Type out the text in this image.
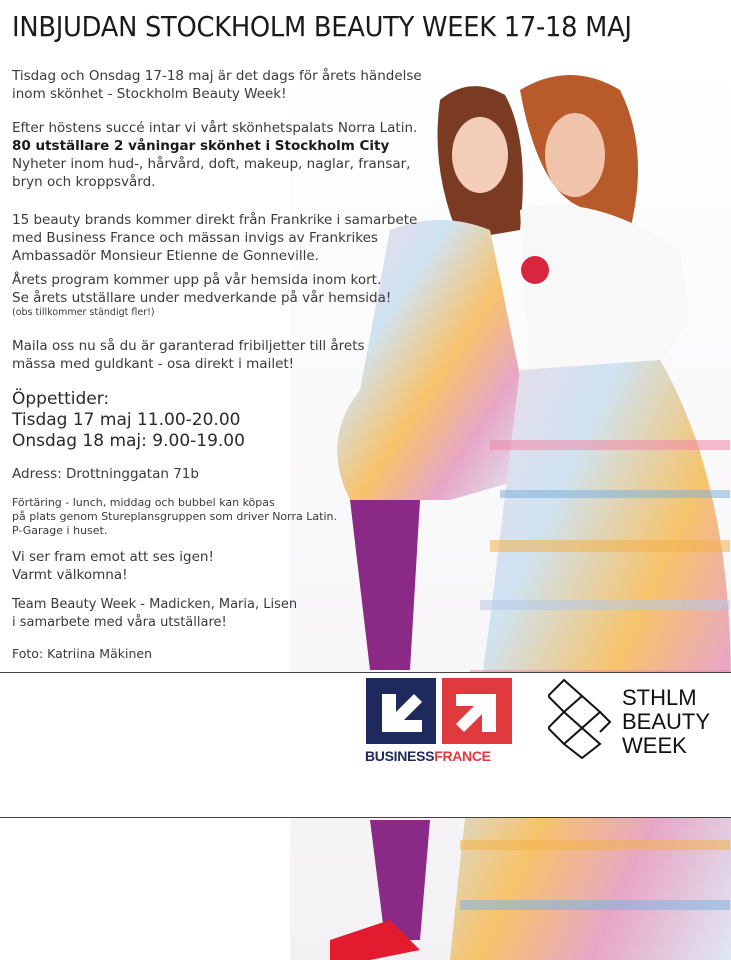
INBJUDAN STOCKHOLM BEAUTY WEEK 17-18 MAJ
Tisdag och Onsdag 17-18 maj är det dags för årets händelse
inom skönhet - Stockholm Beauty Week!
Efter höstens succé intar vi vårt skönhetspalats Norra Latin.
80 utställare 2 våningar skönhet i Stockholm City
Nyheter inom hud-, hårvård, doft, makeup, naglar, fransar,
bryn och kroppsvård.
15 beauty brands kommer direkt från Frankrike i samarbete
med Business France och mässan invigs av Frankrikes
Ambassadör Monsieur Etienne de Gonneville.
Årets program kommer upp på vår hemsida inom kort.
Se årets utställare under medverkande på vår hemsida!
(obs tillkommer ständigt fler!)
Maila oss nu så du är garanterad fribiljetter till årets
mässa med guldkant - osa direkt i mailet!
Öppettider:
Tisdag 17 maj 11.00-20.00
Onsdag 18 maj: 9.00-19.00
Adress: Drottninggatan 71b
Förtäring - lunch, middag och bubbel kan köpas
på plats genom Stureplansgruppen som driver Norra Latin.
P-Garage i huset.
Vi ser fram emot att ses igen!
Varmt välkomna!
Team Beauty Week - Madicken, Maria, Lisen
i samarbete med våra utställare!
Foto: Katriina Mäkinen
BUSINESSFRANCE
STHLM
BEAUTY
WEEK
